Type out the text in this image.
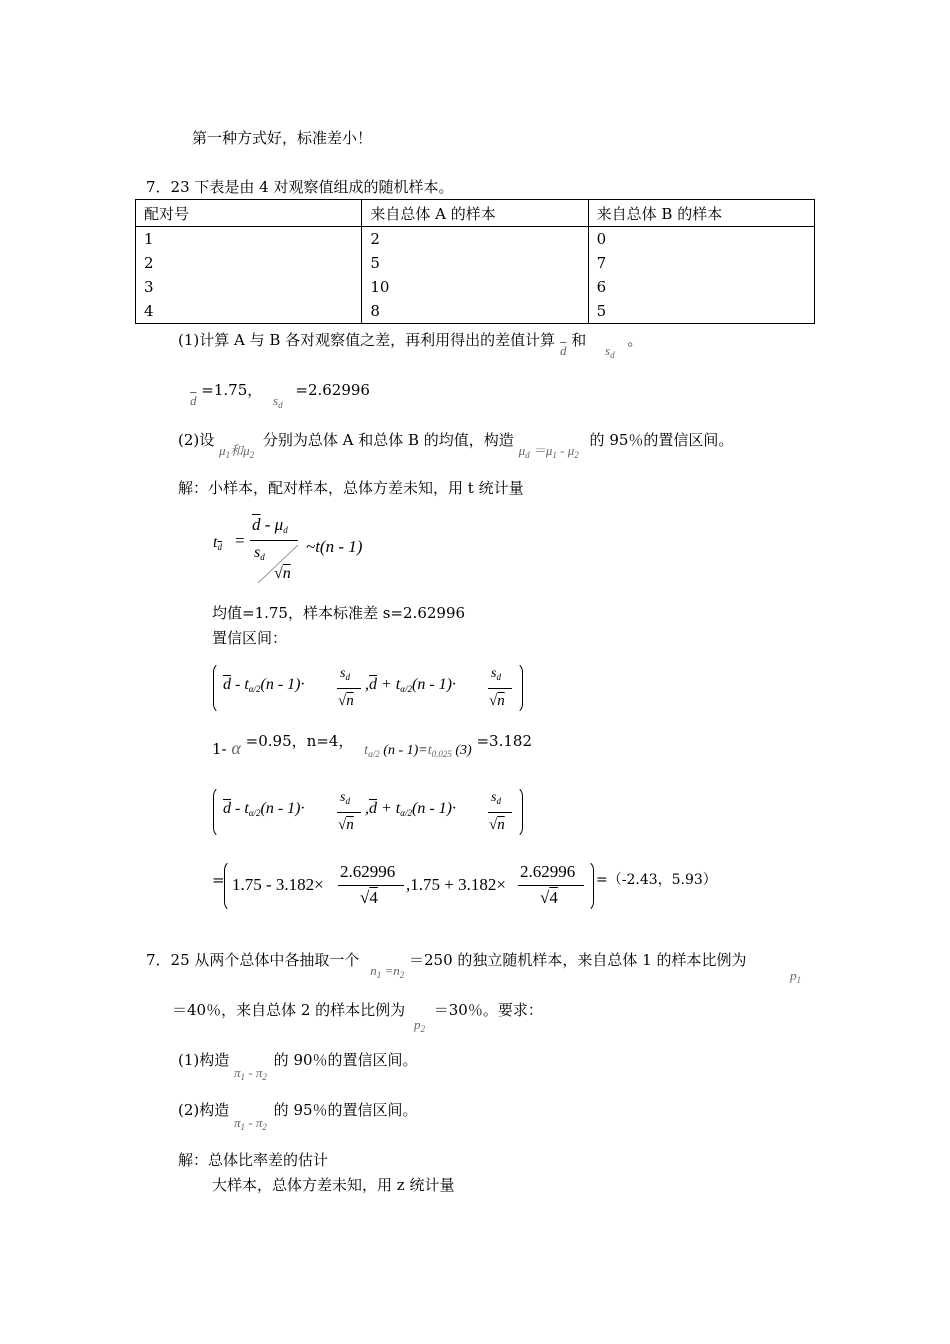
第一种方式好，标准差小！
7．23 下表是由 4 对观察值组成的随机样本。
配对号	来自总体 A 的样本	来自总体 B 的样本
1	2	0
2	5	7
3	10	6
4	8	5
(1)计算 A 与 B 各对观察值之差，再利用得出的差值计算 $\overline{d}$ 和 $s_d$ 。
$\overline{d} =1.75$， $s_d =2.62996$
(2)设 $\mu_1$和$\mu_2$ 分别为总体 A 和总体 B 的均值，构造 $\mu_d =\mu_1 - \mu_2$ 的 95％的置信区间。
解：小样本，配对样本，总体方差未知，用 t 统计量
$t_{\overline{d}}$ =
$\overline{d} - \mu_d$
$s_d$
√n
~t(n - 1)
均值=1.75，样本标准差 s=2.62996
置信区间：
$\overline{d} - t_{\alpha/2}(n - 1)\cdot$
$s_d$
√n
$,\overline{d} + t_{\alpha/2}(n - 1)\cdot$
$s_d$
√n
1- α =0.95，n=4， $t_{\alpha/2}$ $(n - 1)=t_{0.025}$ (3) =3.182
$\overline{d} - t_{\alpha/2}(n - 1)\cdot$
$s_d$
√n
$,\overline{d} + t_{\alpha/2}(n - 1)\cdot$
$s_d$
√n
= 1.75 - 3.182×
2.62996
√4
,1.75 + 3.182×
2.62996
√4
=（-2.43，5.93）
7．25 从两个总体中各抽取一个 $n_1 =n_2 =250$ 的独立随机样本，来自总体 1 的样本比例为
$p_1$
＝40％，来自总体 2 的样本比例为 $p_2 =30$％。要求：
(1)构造 $\pi_1 - \pi_2$ 的 90％的置信区间。
(2)构造 $\pi_1 - \pi_2$ 的 95％的置信区间。
解：总体比率差的估计
大样本，总体方差未知，用 z 统计量
